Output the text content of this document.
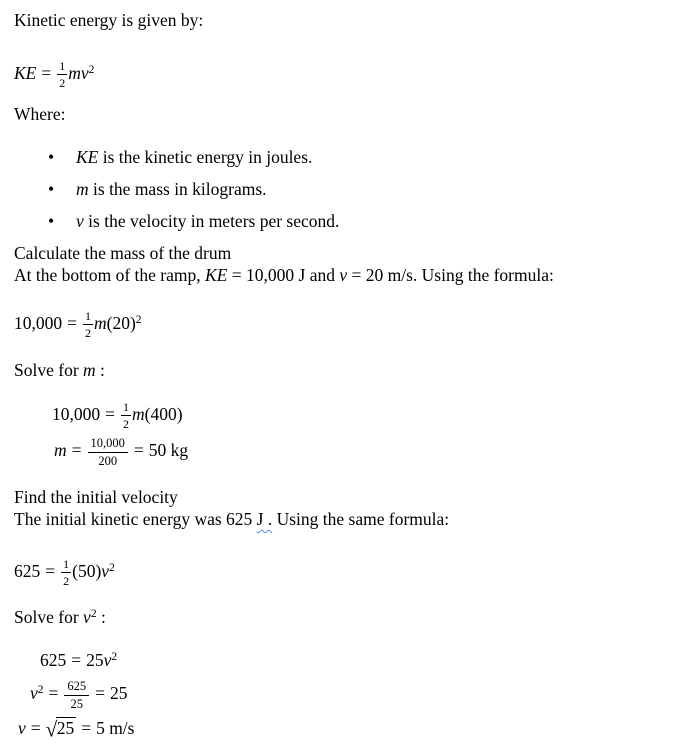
Kinetic energy is given by:

KE = $\frac{1}{2} mv^2$

Where:

• KE is the kinetic energy in joules.
• m is the mass in kilograms.
• v is the velocity in meters per second.

Calculate the mass of the drum

At the bottom of the ramp, KE = 10,000 J and v = 20 m/s. Using the formula:

$10,000 = \frac{1}{2} m(20)^2$

Solve for m :

$10,000 = \frac{1}{2} m(400)$
$m = \frac{10,000}{200} = 50$ kg

Find the initial velocity

The initial kinetic energy was 625 J . Using the same formula:

$625 = \frac{1}{2} (50)v^2$

Solve for $v^2$ :

$625 = 25v^2$
$v^2 = \frac{625}{25} = 25$
v = √25 = 5 m/s
